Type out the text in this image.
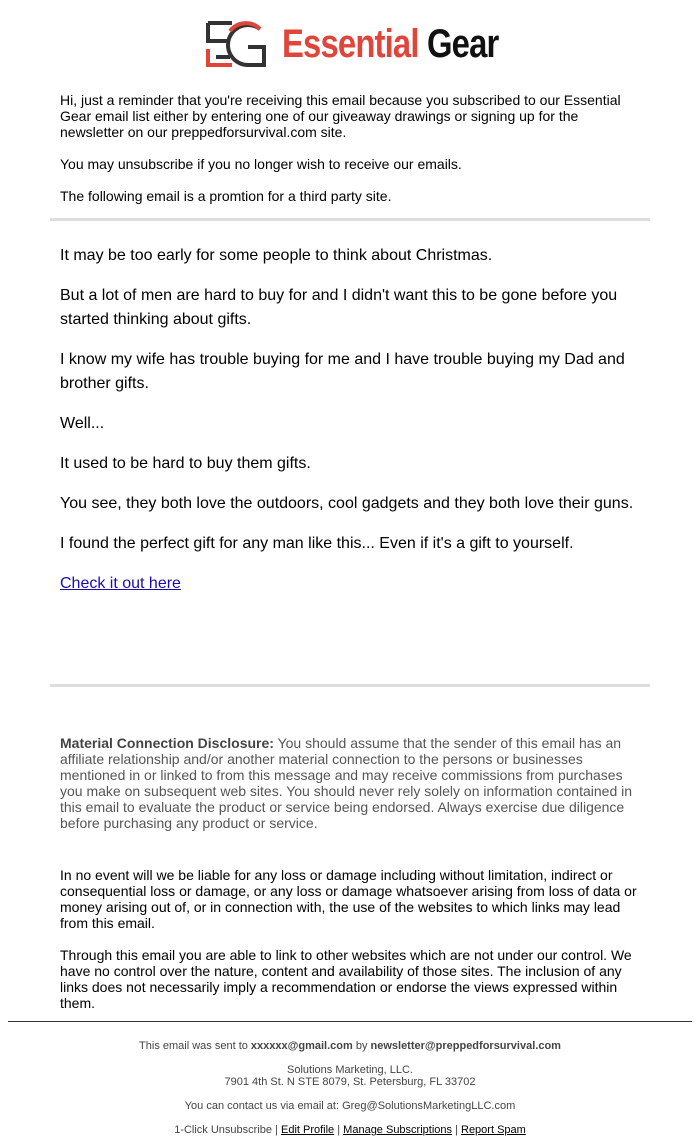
Essential Gear

Hi, just a reminder that you're receiving this email because you subscribed to our Essential Gear email list either by entering one of our giveaway drawings or signing up for the newsletter on our preppedforsurvival.com site.

You may unsubscribe if you no longer wish to receive our emails.

The following email is a promtion for a third party site.

It may be too early for some people to think about Christmas.

But a lot of men are hard to buy for and I didn't want this to be gone before you started thinking about gifts.

I know my wife has trouble buying for me and I have trouble buying my Dad and brother gifts.

Well...

It used to be hard to buy them gifts.

You see, they both love the outdoors, cool gadgets and they both love their guns.

I found the perfect gift for any man like this... Even if it's a gift to yourself.

Check it out here

Material Connection Disclosure: You should assume that the sender of this email has an affiliate relationship and/or another material connection to the persons or businesses mentioned in or linked to from this message and may receive commissions from purchases you make on subsequent web sites. You should never rely solely on information contained in this email to evaluate the product or service being endorsed. Always exercise due diligence before purchasing any product or service.

In no event will we be liable for any loss or damage including without limitation, indirect or consequential loss or damage, or any loss or damage whatsoever arising from loss of data or money arising out of, or in connection with, the use of the websites to which links may lead from this email.

Through this email you are able to link to other websites which are not under our control. We have no control over the nature, content and availability of those sites. The inclusion of any links does not necessarily imply a recommendation or endorse the views expressed within them.

This email was sent to xxxxxx@gmail.com by newsletter@preppedforsurvival.com

Solutions Marketing, LLC.
7901 4th St. N STE 8079, St. Petersburg, FL 33702

You can contact us via email at: Greg@SolutionsMarketingLLC.com

1-Click Unsubscribe | Edit Profile | Manage Subscriptions | Report Spam
